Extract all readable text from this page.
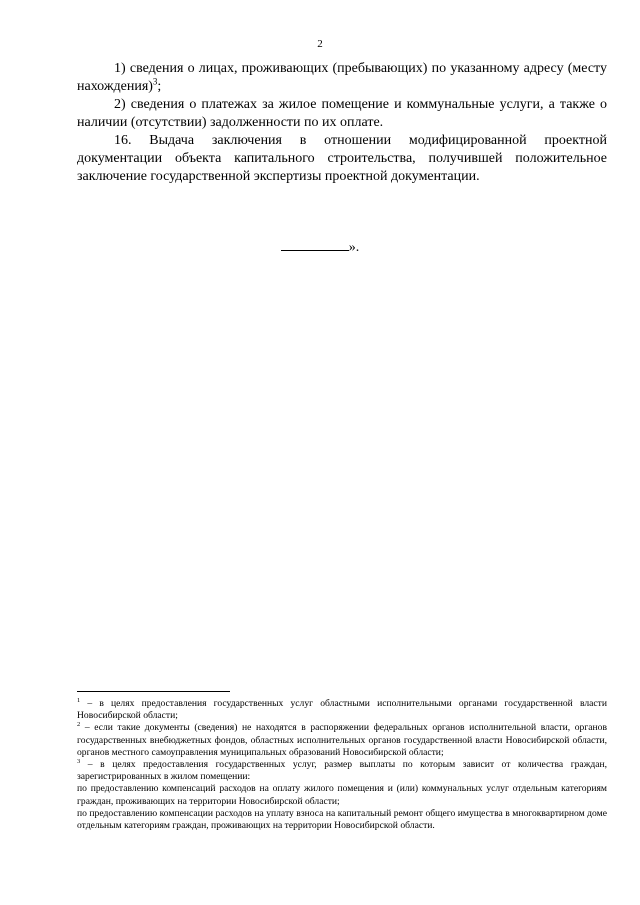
2

1) сведения о лицах, проживающих (пребывающих) по указанному адресу (месту нахождения)$^3$;

2) сведения о платежах за жилое помещение и коммунальные услуги, а также о наличии (отсутствии) задолженности по их оплате.

16. Выдача заключения в отношении модифицированной проектной документации объекта капитального строительства, получившей положительное заключение государственной экспертизы проектной документации.

».

$^1$ – в целях предоставления государственных услуг областными исполнительными органами государственной власти Новосибирской области;

$^2$ – если такие документы (сведения) не находятся в распоряжении федеральных органов исполнительной власти, органов государственных внебюджетных фондов, областных исполнительных органов государственной власти Новосибирской области, органов местного самоуправления муниципальных образований Новосибирской области;

$^3$ – в целях предоставления государственных услуг, размер выплаты по которым зависит от количества граждан, зарегистрированных в жилом помещении:

по предоставлению компенсаций расходов на оплату жилого помещения и (или) коммунальных услуг отдельным категориям граждан, проживающих на территории Новосибирской области;

по предоставлению компенсации расходов на уплату взноса на капитальный ремонт общего имущества в многоквартирном доме отдельным категориям граждан, проживающих на территории Новосибирской области.
